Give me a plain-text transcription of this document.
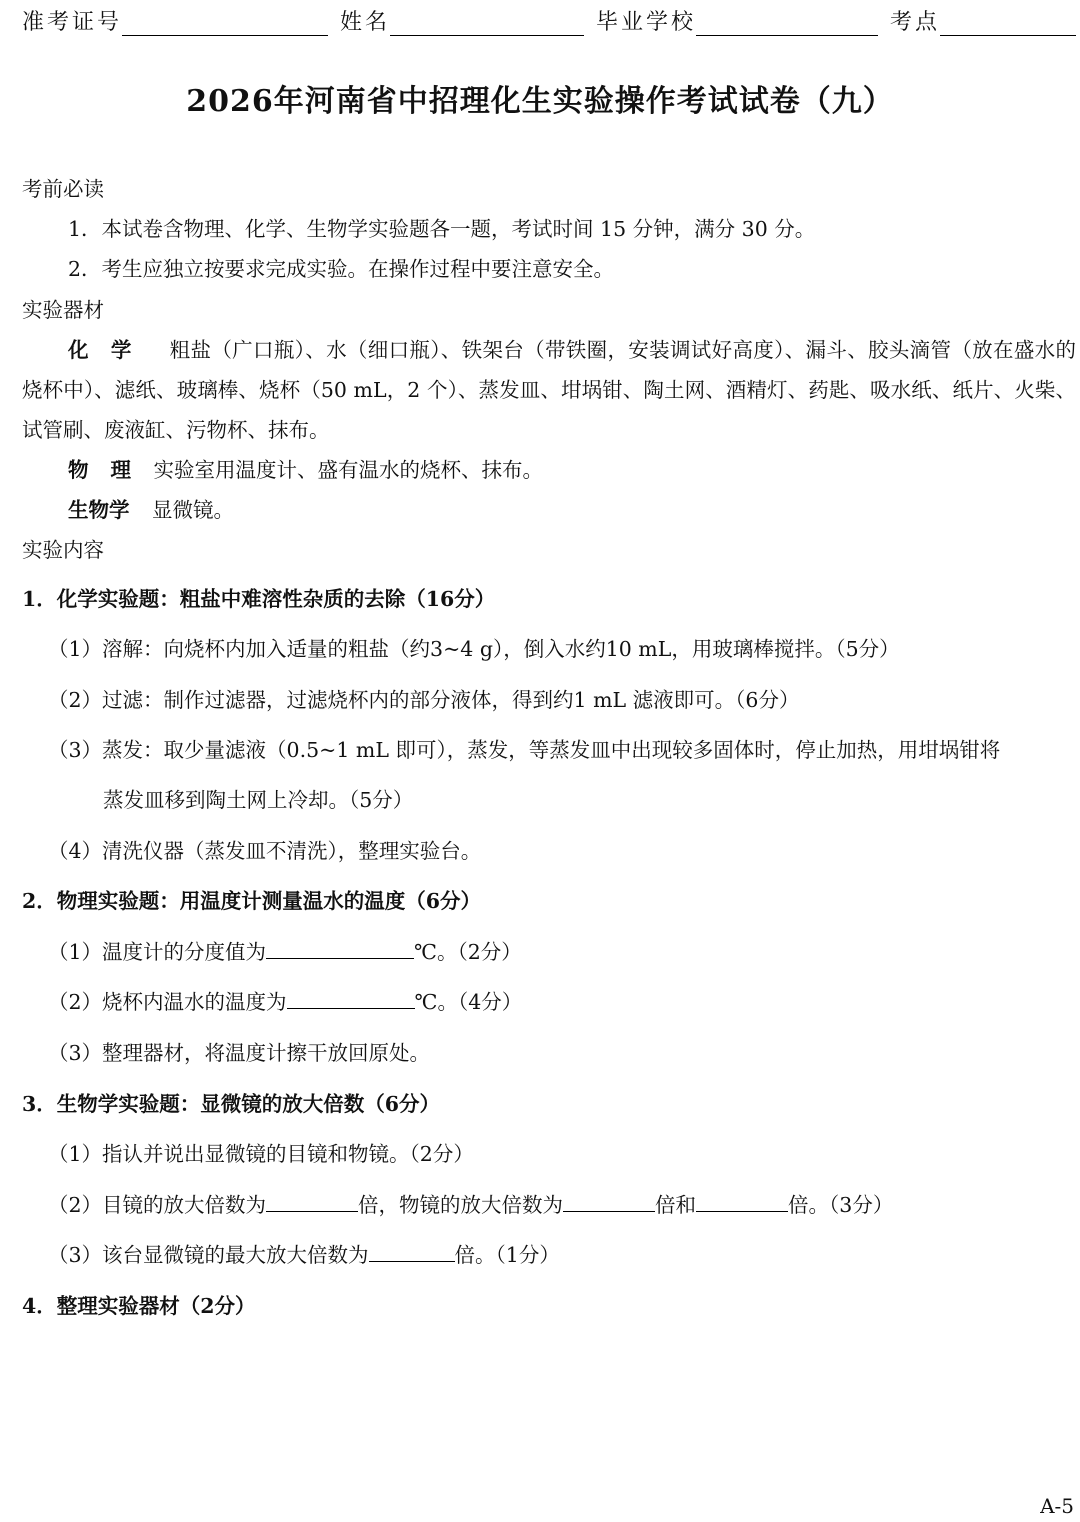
准考证号	姓名	毕业学校	考点
2026年河南省中招理化生实验操作考试试卷（九）
考前必读
1．本试卷含物理、化学、生物学实验题各一题，考试时间 15 分钟，满分 30 分。
2．考生应独立按要求完成实验。在操作过程中要注意安全。
实验器材
化学 粗盐（广口瓶）、水（细口瓶）、铁架台（带铁圈，安装调试好高度）、漏斗、胶头滴管（放在盛水的烧杯中）、滤纸、玻璃棒、烧杯（50 mL，2 个）、蒸发皿、坩埚钳、陶土网、酒精灯、药匙、吸水纸、纸片、火柴、试管刷、废液缸、污物杯、抹布。
物理 实验室用温度计、盛有温水的烧杯、抹布。
生物学 显微镜。
实验内容
1．化学实验题：粗盐中难溶性杂质的去除（16分）
（1）溶解：向烧杯内加入适量的粗盐（约3~4 g），倒入水约10 mL，用玻璃棒搅拌。（5分）
（2）过滤：制作过滤器，过滤烧杯内的部分液体，得到约1 mL 滤液即可。（6分）
（3）蒸发：取少量滤液（0.5~1 mL 即可），蒸发，等蒸发皿中出现较多固体时，停止加热，用坩埚钳将
蒸发皿移到陶土网上冷却。（5分）
（4）清洗仪器（蒸发皿不清洗），整理实验台。
2．物理实验题：用温度计测量温水的温度（6分）
（1）温度计的分度值为	℃。（2分）
（2）烧杯内温水的温度为	℃。（4分）
（3）整理器材，将温度计擦干放回原处。
3．生物学实验题：显微镜的放大倍数（6分）
（1）指认并说出显微镜的目镜和物镜。（2分）
（2）目镜的放大倍数为	倍，物镜的放大倍数为	倍和	倍。（3分）
（3）该台显微镜的最大放大倍数为	倍。（1分）
4．整理实验器材（2分）
A-5
